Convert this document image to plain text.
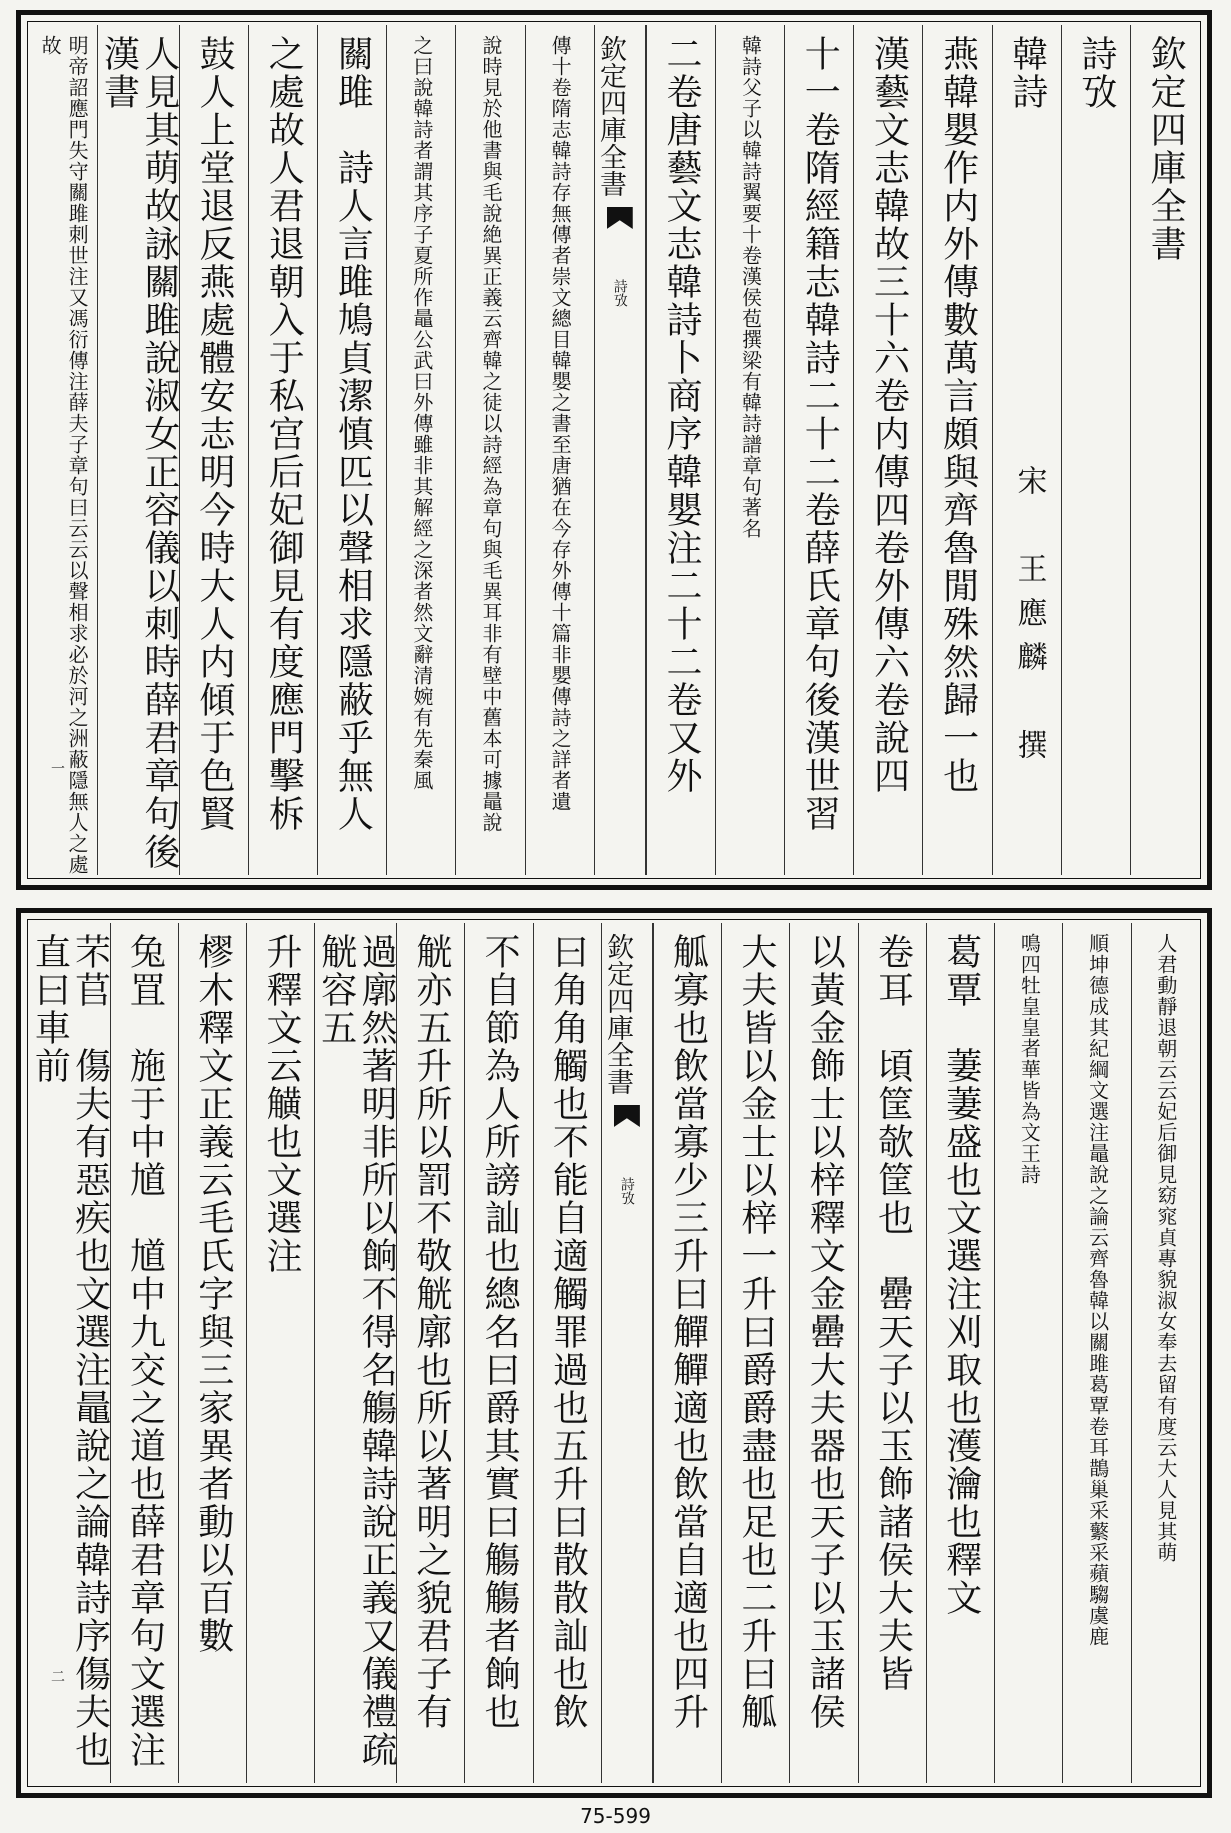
欽定四庫全書
詩攷
韓詩
宋　王應麟　撰
燕韓嬰作内外傳數萬言頗與齊魯閒殊然歸一也
漢藝文志韓故三十六卷内傳四卷外傳六卷說四
十一卷隋經籍志韓詩二十二卷薛氏章句後漢世習
韓詩父子以韓詩翼要十卷漢侯苞撰梁有韓詩譜章句著名
二卷唐藝文志韓詩卜商序韓嬰注二十二卷又外
欽定四庫全書
詩攷
一	傳十卷隋志韓詩存無傳者崇文總目韓嬰之書至唐猶在今存外傳十篇非嬰傳詩之詳者遺
說時見於他書與毛說絶異正義云齊韓之徒以詩經為章句與毛異耳非有壁中舊本可據鼂說
之曰說韓詩者謂其序子夏所作鼂公武曰外傳雖非其解經之深者然文辭清婉有先秦風
關雎　詩人言雎鳩貞潔慎匹以聲相求隱蔽乎無人
之處故人君退朝入于私宫后妃御見有度應門擊柝
鼓人上堂退反燕處體安志明今時大人内傾于色賢
人見其萌故詠關雎說淑女正容儀以刺時薛君章句後漢書
明帝詔應門失守關雎刺世注又馮衍傳注薛夫子章句曰云云以聲相求必於河之洲蔽隱無人之處故
人君動靜退朝云云妃后御見窈窕貞專貌淑女奉去留有度云大人見其萌
順坤德成其紀綱文選注鼂說之論云齊魯韓以關雎葛覃卷耳鵲巢采蘩采蘋騶虞鹿
鳴四牡皇皇者華皆為文王詩
葛覃　萋萋盛也文選注刈取也濩瀹也釋文
卷耳　頃筐欹筐也　罍天子以玉飾諸侯大夫皆
以黃金飾士以梓釋文金罍大夫器也天子以玉諸侯
大夫皆以金士以梓一升曰爵爵盡也足也二升曰觚
觚寡也飲當寡少三升曰觶觶適也飲當自適也四升
欽定四庫全書
詩攷
二	曰角角觸也不能自適觸罪過也五升曰散散訕也飲
不自節為人所謗訕也總名曰爵其實曰觴觴者餉也
觥亦五升所以罰不敬觥廓也所以著明之貌君子有
過廓然著明非所以餉不得名觴韓詩說正義又儀禮疏觥容五
升釋文云觵也文選注
樛木釋文正義云毛氏字與三家異者動以百數
兔罝　施于中馗　馗中九交之道也薛君章句文選注
芣苢　傷夫有惡疾也文選注鼂說之論韓詩序傷夫也　直曰車前
75-599
